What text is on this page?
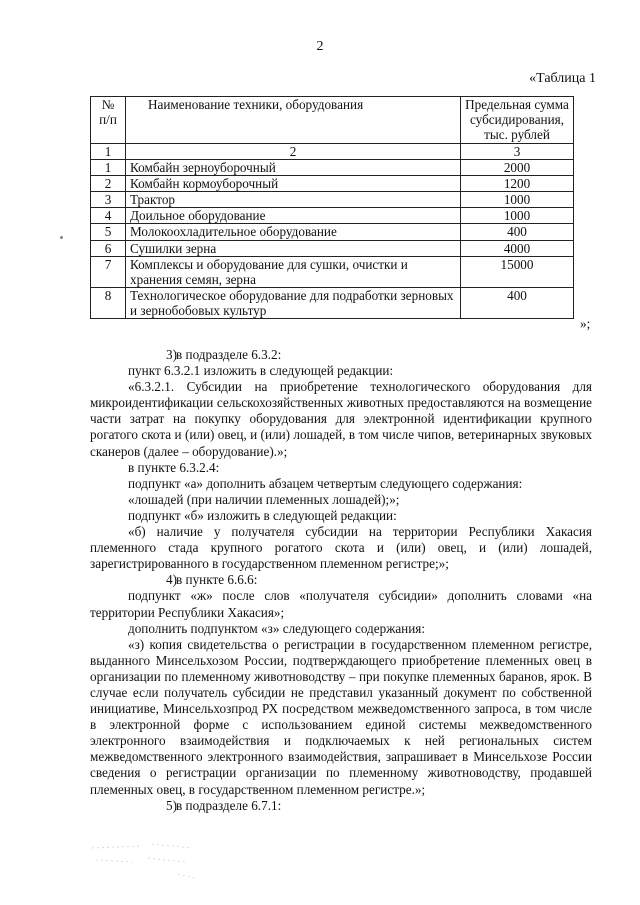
2
«Таблица 1
№ п/п	Наименование техники, оборудования	Предельная сумма субсидирования, тыс. рублей
1	2	3
1	Комбайн зерноуборочный	2000
2	Комбайн кормоуборочный	1200
3	Трактор	1000
4	Доильное оборудование	1000
5	Молокоохладительное оборудование	400
6	Сушилки зерна	4000
7	Комплексы и оборудование для сушки, очистки и хранения семян, зерна	15000
8	Технологическое оборудование для подработки зерновых и зернобобовых культур	400
»;

3)в подразделе 6.3.2:

пункт 6.3.2.1 изложить в следующей редакции:

«6.3.2.1. Субсидии на приобретение технологического оборудования для микроидентификации сельскохозяйственных животных предоставляются на возмещение части затрат на покупку оборудования для электронной идентификации крупного рогатого скота и (или) овец, и (или) лошадей, в том числе чипов, ветеринарных звуковых сканеров (далее – оборудование).»;

в пункте 6.3.2.4:

подпункт «а» дополнить абзацем четвертым следующего содержания:

«лошадей (при наличии племенных лошадей);»;

подпункт «б» изложить в следующей редакции:

«б) наличие у получателя субсидии на территории Республики Хакасия племенного стада крупного рогатого скота и (или) овец, и (или) лошадей, зарегистрированного в государственном племенном регистре;»;

4)в пункте 6.6.6:

подпункт «ж» после слов «получателя субсидии» дополнить словами «на территории Республики Хакасия»;

дополнить подпунктом «з» следующего содержания:

«з) копия свидетельства о регистрации в государственном племенном регистре, выданного Минсельхозом России, подтверждающего приобретение племенных овец в организации по племенному животноводству – при покупке племенных баранов, ярок. В случае если получатель субсидии не представил указанный документ по собственной инициативе, Минсельхозпрод РХ посредством межведомственного запроса, в том числе в электронной форме с использованием единой системы межведомственного электронного взаимодействия и подключаемых к ней региональных систем межведомственного электронного взаимодействия, запрашивает в Минсельхозе России сведения о регистрации организации по племенному животноводству, продавшей племенных овец, в государственном племенном регистре.»;

5)в подразделе 6.7.1:
